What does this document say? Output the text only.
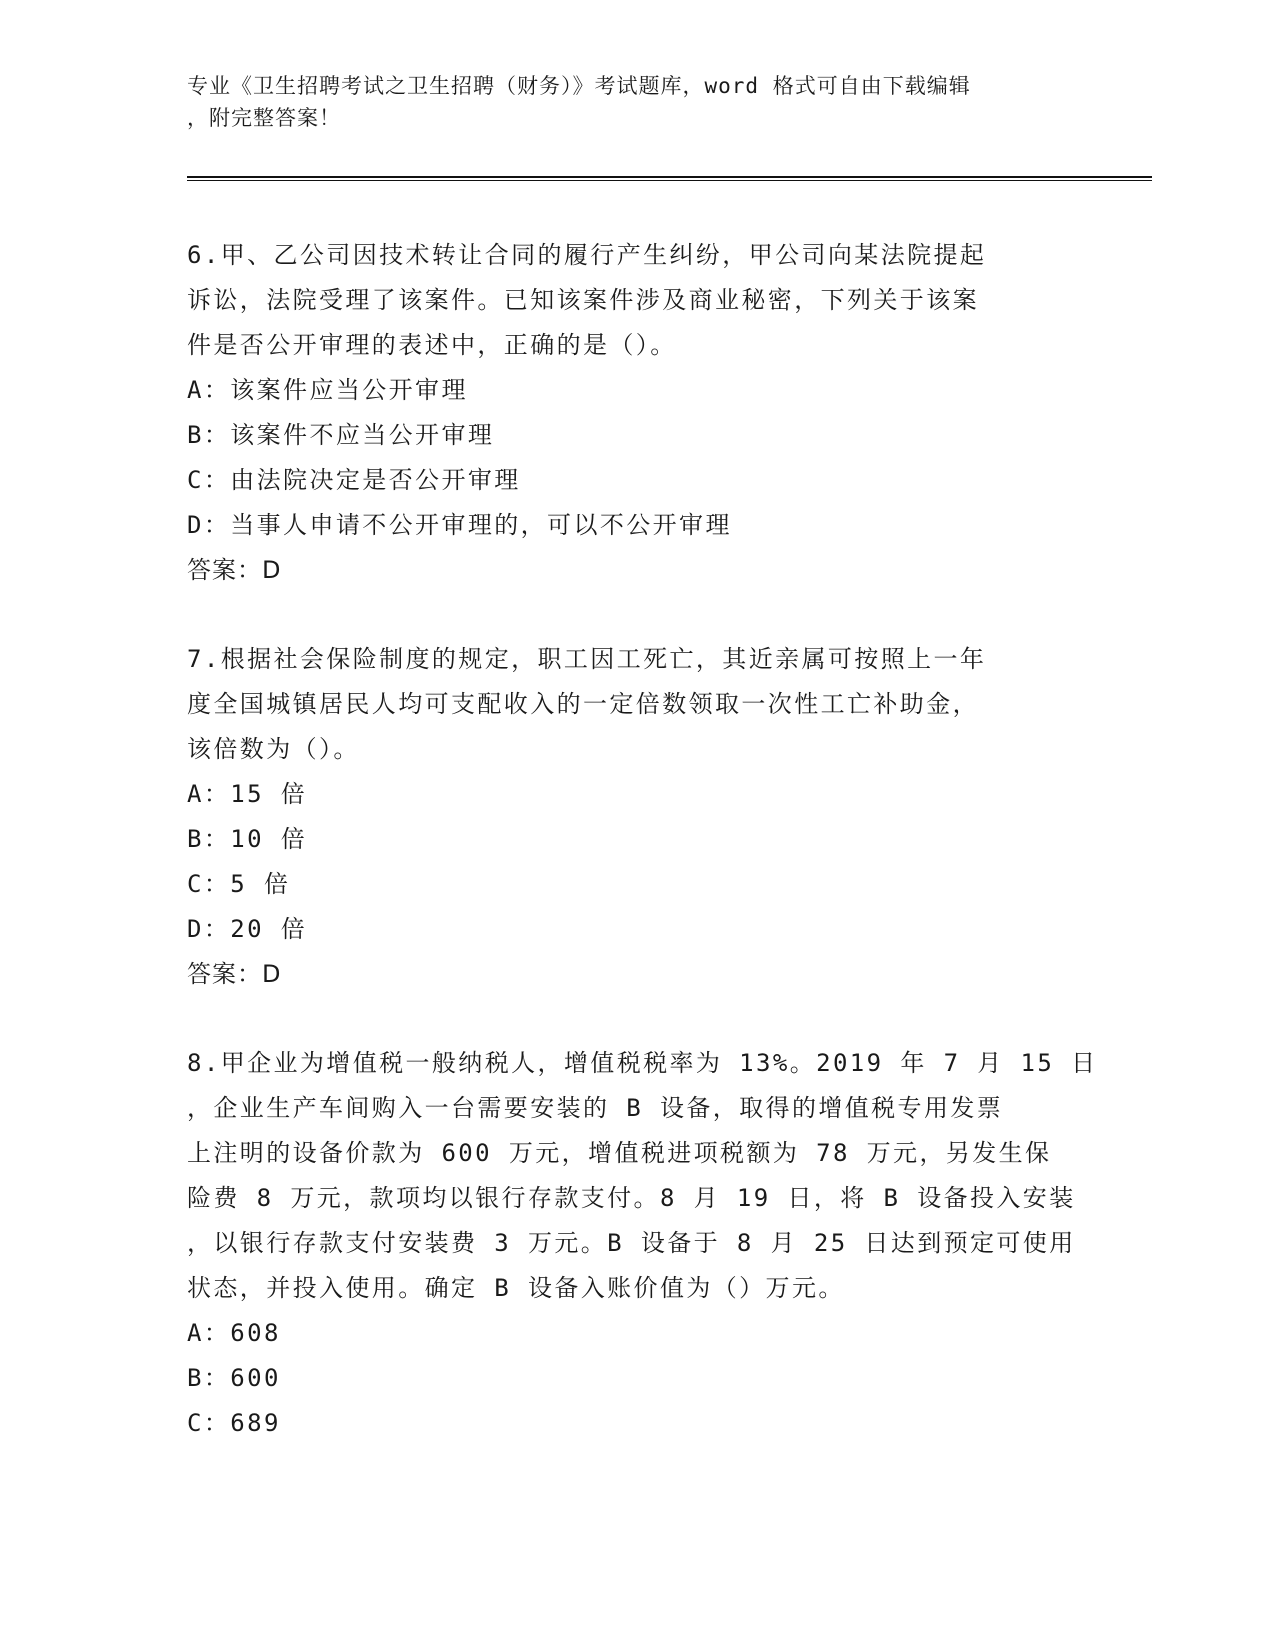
专业《卫生招聘考试之卫生招聘（财务）》考试题库，word 格式可自由下载编辑
，附完整答案！

6.甲、乙公司因技术转让合同的履行产生纠纷，甲公司向某法院提起

诉讼，法院受理了该案件。已知该案件涉及商业秘密，下列关于该案

件是否公开审理的表述中，正确的是（）。

A：该案件应当公开审理

B：该案件不应当公开审理

C：由法院决定是否公开审理

D：当事人申请不公开审理的，可以不公开审理

答案：D

7.根据社会保险制度的规定，职工因工死亡，其近亲属可按照上一年

度全国城镇居民人均可支配收入的一定倍数领取一次性工亡补助金，

该倍数为（）。

A：15 倍

B：10 倍

C：5 倍

D：20 倍

答案：D

8.甲企业为增值税一般纳税人，增值税税率为 13%。2019 年 7 月 15 日

，企业生产车间购入一台需要安装的 B 设备，取得的增值税专用发票

上注明的设备价款为 600 万元，增值税进项税额为 78 万元，另发生保

险费 8 万元，款项均以银行存款支付。8 月 19 日，将 B 设备投入安装

，以银行存款支付安装费 3 万元。B 设备于 8 月 25 日达到预定可使用

状态，并投入使用。确定 B 设备入账价值为（）万元。

A：608

B：600

C：689
